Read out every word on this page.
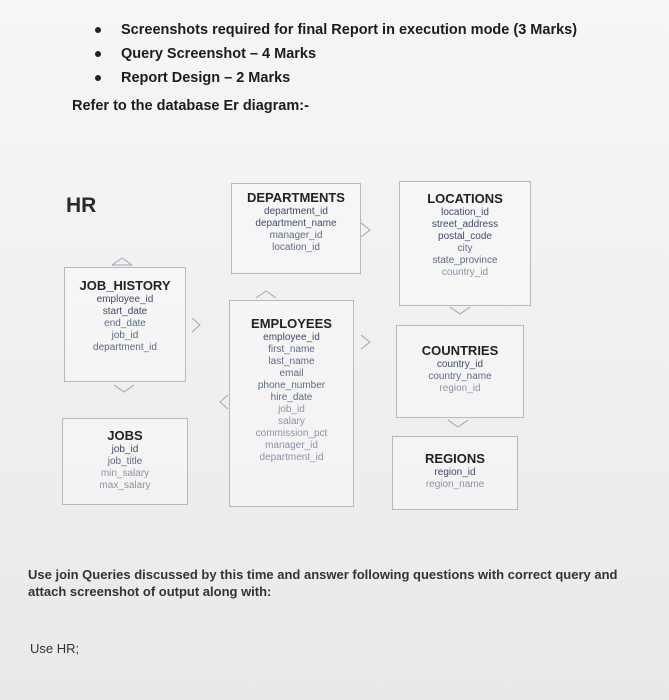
Screenshots required for final Report in execution mode (3 Marks)
Query Screenshot – 4 Marks
Report Design – 2 Marks
Refer to the database Er diagram:-
HR	DEPARTMENTS
department_id
department_name
manager_id
location_id
LOCATIONS
location_id
street_address
postal_code
city
state_province
country_id
JOB_HISTORY
employee_id
start_date
end_date
job_id
department_id
EMPLOYEES
employee_id
first_name
last_name
email
phone_number
hire_date
job_id
salary
commission_pct
manager_id
department_id
COUNTRIES
country_id
country_name
region_id
JOBS
job_id
job_title
min_salary
max_salary
REGIONS
region_id
region_name
Use join Queries discussed by this time and answer following questions with correct query and attach screenshot of output along with:
Use HR;
